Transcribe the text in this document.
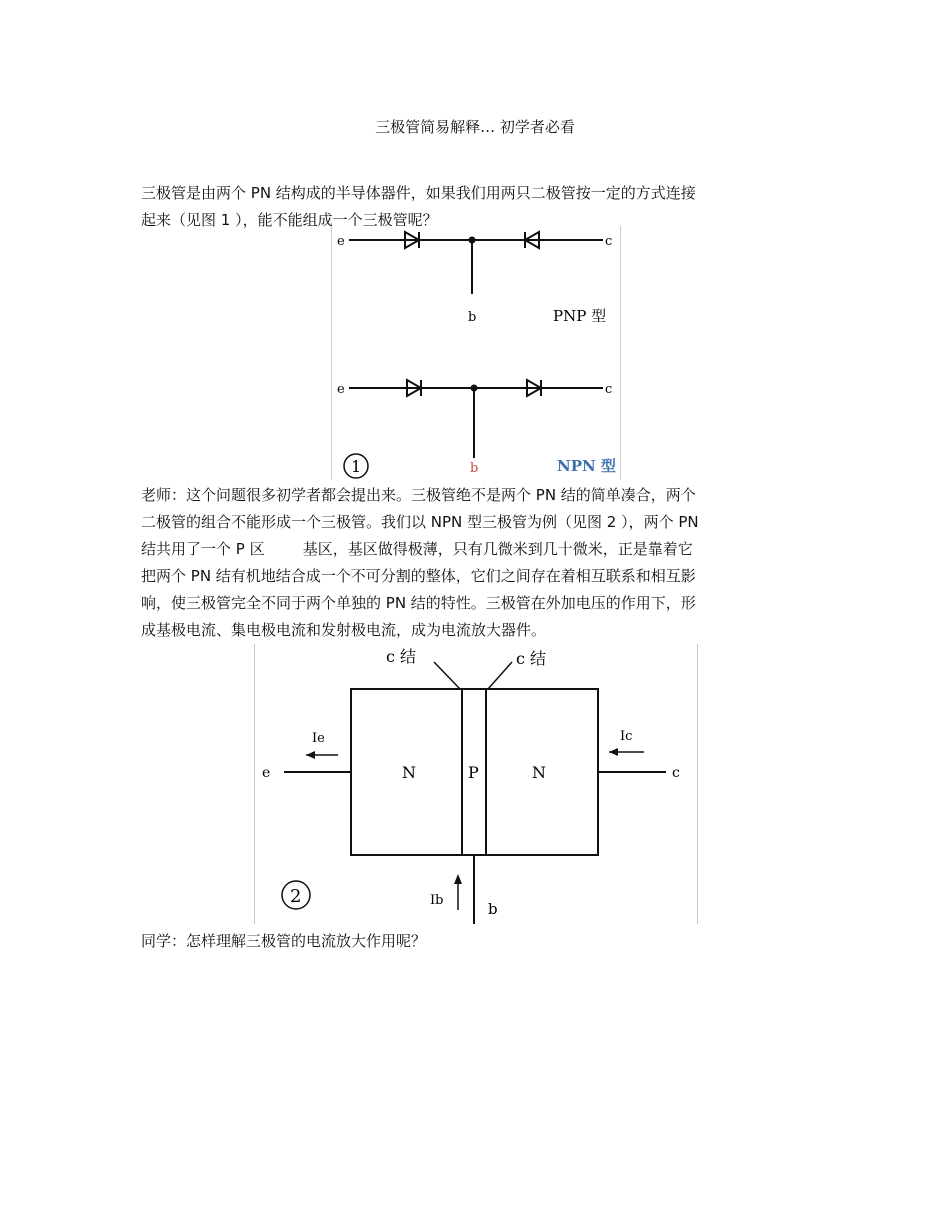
三极管简易解释… 初学者必看

三极管是由两个 PN 结构成的半导体器件，如果我们用两只二极管按一定的方式连接
起来（见图 1 ），能不能组成一个三极管呢？

e	c
b	PNP 型
e	c
b	NPN 型
1

老师：这个问题很多初学者都会提出来。三极管绝不是两个 PN 结的简单凑合，两个
二极管的组合不能形成一个三极管。我们以 NPN 型三极管为例（见图 2 ），两个 PN
结共用了一个 P 区        基区，基区做得极薄，只有几微米到几十微米，正是靠着它
把两个 PN 结有机地结合成一个不可分割的整体，它们之间存在着相互联系和相互影
响，使三极管完全不同于两个单独的 PN 结的特性。三极管在外加电压的作用下，形
成基极电流、集电极电流和发射极电流，成为电流放大器件。

c 结	c 结
N	P	N
e
Ie
c
Ic
b
Ib
2

同学：怎样理解三极管的电流放大作用呢？
